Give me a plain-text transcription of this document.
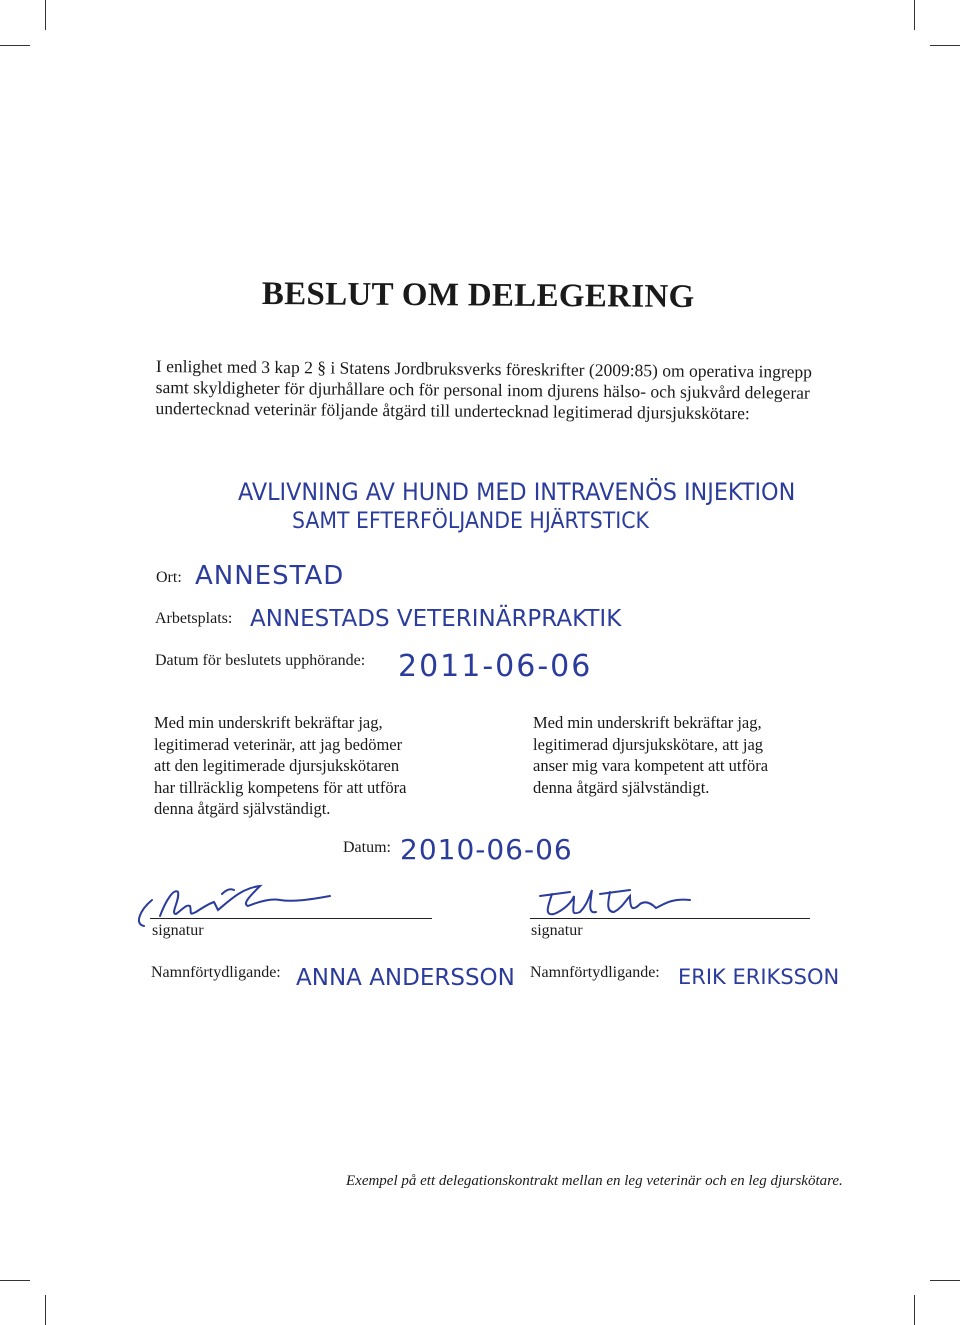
BESLUT OM DELEGERING
I enlighet med 3 kap 2 § i Statens Jordbruksverks föreskrifter (2009:85) om operativa ingrepp
samt skyldigheter för djurhållare och för personal inom djurens hälso- och sjukvård delegerar
undertecknad veterinär följande åtgärd till undertecknad legitimerad djursjukskötare:
AVLIVNING AV HUND MED INTRAVENÖS INJEKTION
SAMT EFTERFÖLJANDE HJÄRTSTICK
Ort: ANNESTAD
Arbetsplats: ANNESTADS VETERINÄRPRAKTIK
Datum för beslutets upphörande: 2011-06-06
Med min underskrift bekräftar jag,
legitimerad veterinär, att jag bedömer
att den legitimerade djursjukskötaren
har tillräcklig kompetens för att utföra
denna åtgärd självständigt.
Med min underskrift bekräftar jag,
legitimerad djursjukskötare, att jag
anser mig vara kompetent att utföra
denna åtgärd självständigt.
Datum: 2010-06-06
signatur	signatur
Namnförtydligande: ANNA ANDERSSON Namnförtydligande: ERIK ERIKSSON
Exempel på ett delegationskontrakt mellan en leg veterinär och en leg djurskötare.
